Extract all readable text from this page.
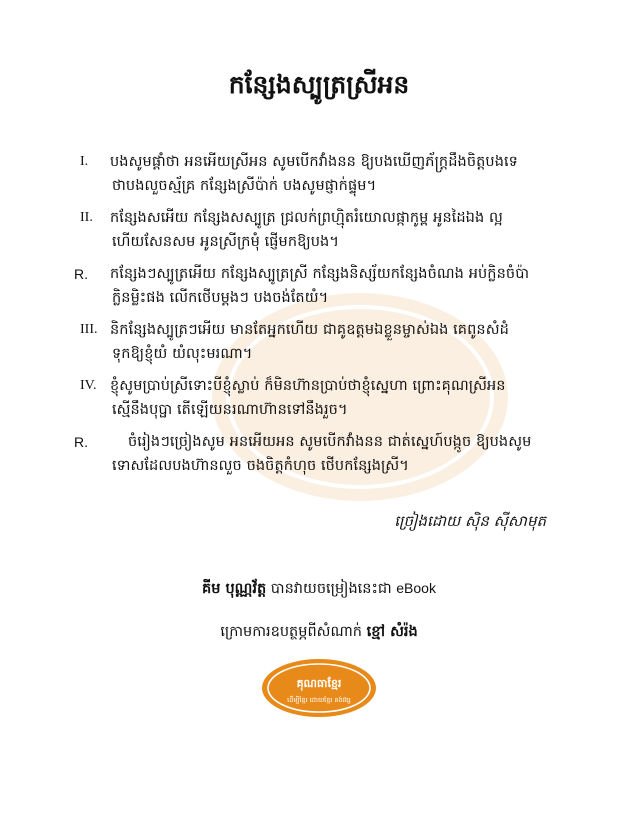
កន្សែងស្បូត្រស្រីអន
I.	បងសូមផ្តាំថា អនអើយស្រីអន សូមបើកវាំងនន ឱ្យបងឃើញភ័ក្រ្តដឹងចិត្តបងទេ
ថាបងលួចស្ម័គ្រ កន្សែងស្រីប៉ាក់ បងសូមផ្ញាក់ផ្ទុម។
II.	កន្សែងសអើយ កន្សែងសស្បូត្រ ជ្រលក់ព្រហ្ម៉ិតរំយោលផ្កាកូម្ព អូនដៃឯង ល្អ
ហើយសែនសម អូនស្រីក្រមុំ ផ្ញើមកឱ្យបង។
R.	កន្សែងៗស្បូត្រអើយ កន្សែងស្បូត្រស្រី កន្សែងនិស្ស័យកន្សែងចំណង អប់ក្លិនចំប៉ា
ក្លិនម្លិះផង លើកថើបម្តងៗ បងចង់តែយំ។
III. និកន្សែងស្បូត្រៗអើយ មានតែអ្នកហើយ ជាគូឧត្តមឯខ្លួនម្ចាស់ឯង គេពូនសំដំ
ទុកឱ្យខ្ញុំយំ យំលុះមរណា។
IV. ខ្ញុំសូមប្រាប់ស្រីទោះបីខ្ញុំស្លាប់ ក៏មិនហ៊ានប្រាប់ថាខ្ញុំស្នេហា ព្រោះគុណស្រីអន
ស្មើនឹងបុប្ផា តើឡើយនរណាហ៊ានទៅនឹងរួច។
R.	ចំរៀងៗច្រៀងសូម អនអើយអន សូមបើកវាំងនន ជាត់ស្នេហ៍បង្កូច ឱ្យបងសូម
ទោសដែលបងហ៊ានលួច ចងចិត្តកំហុច ថើបកន្សែងស្រី។
ច្រៀងដោយ ស៊ិន ស៊ីសាមុត
គីម បុណ្ណវ័ត្ត បានវាយចម្រៀងនេះជា eBook
ក្រោមការឧបត្ថម្ភពីសំណាក់ ខ្មៅ សំរ៉ង
គុណធាខ្មែរ
ដើម្បីខ្មែរ ដោយខ្មែរ គង់វង្ស
